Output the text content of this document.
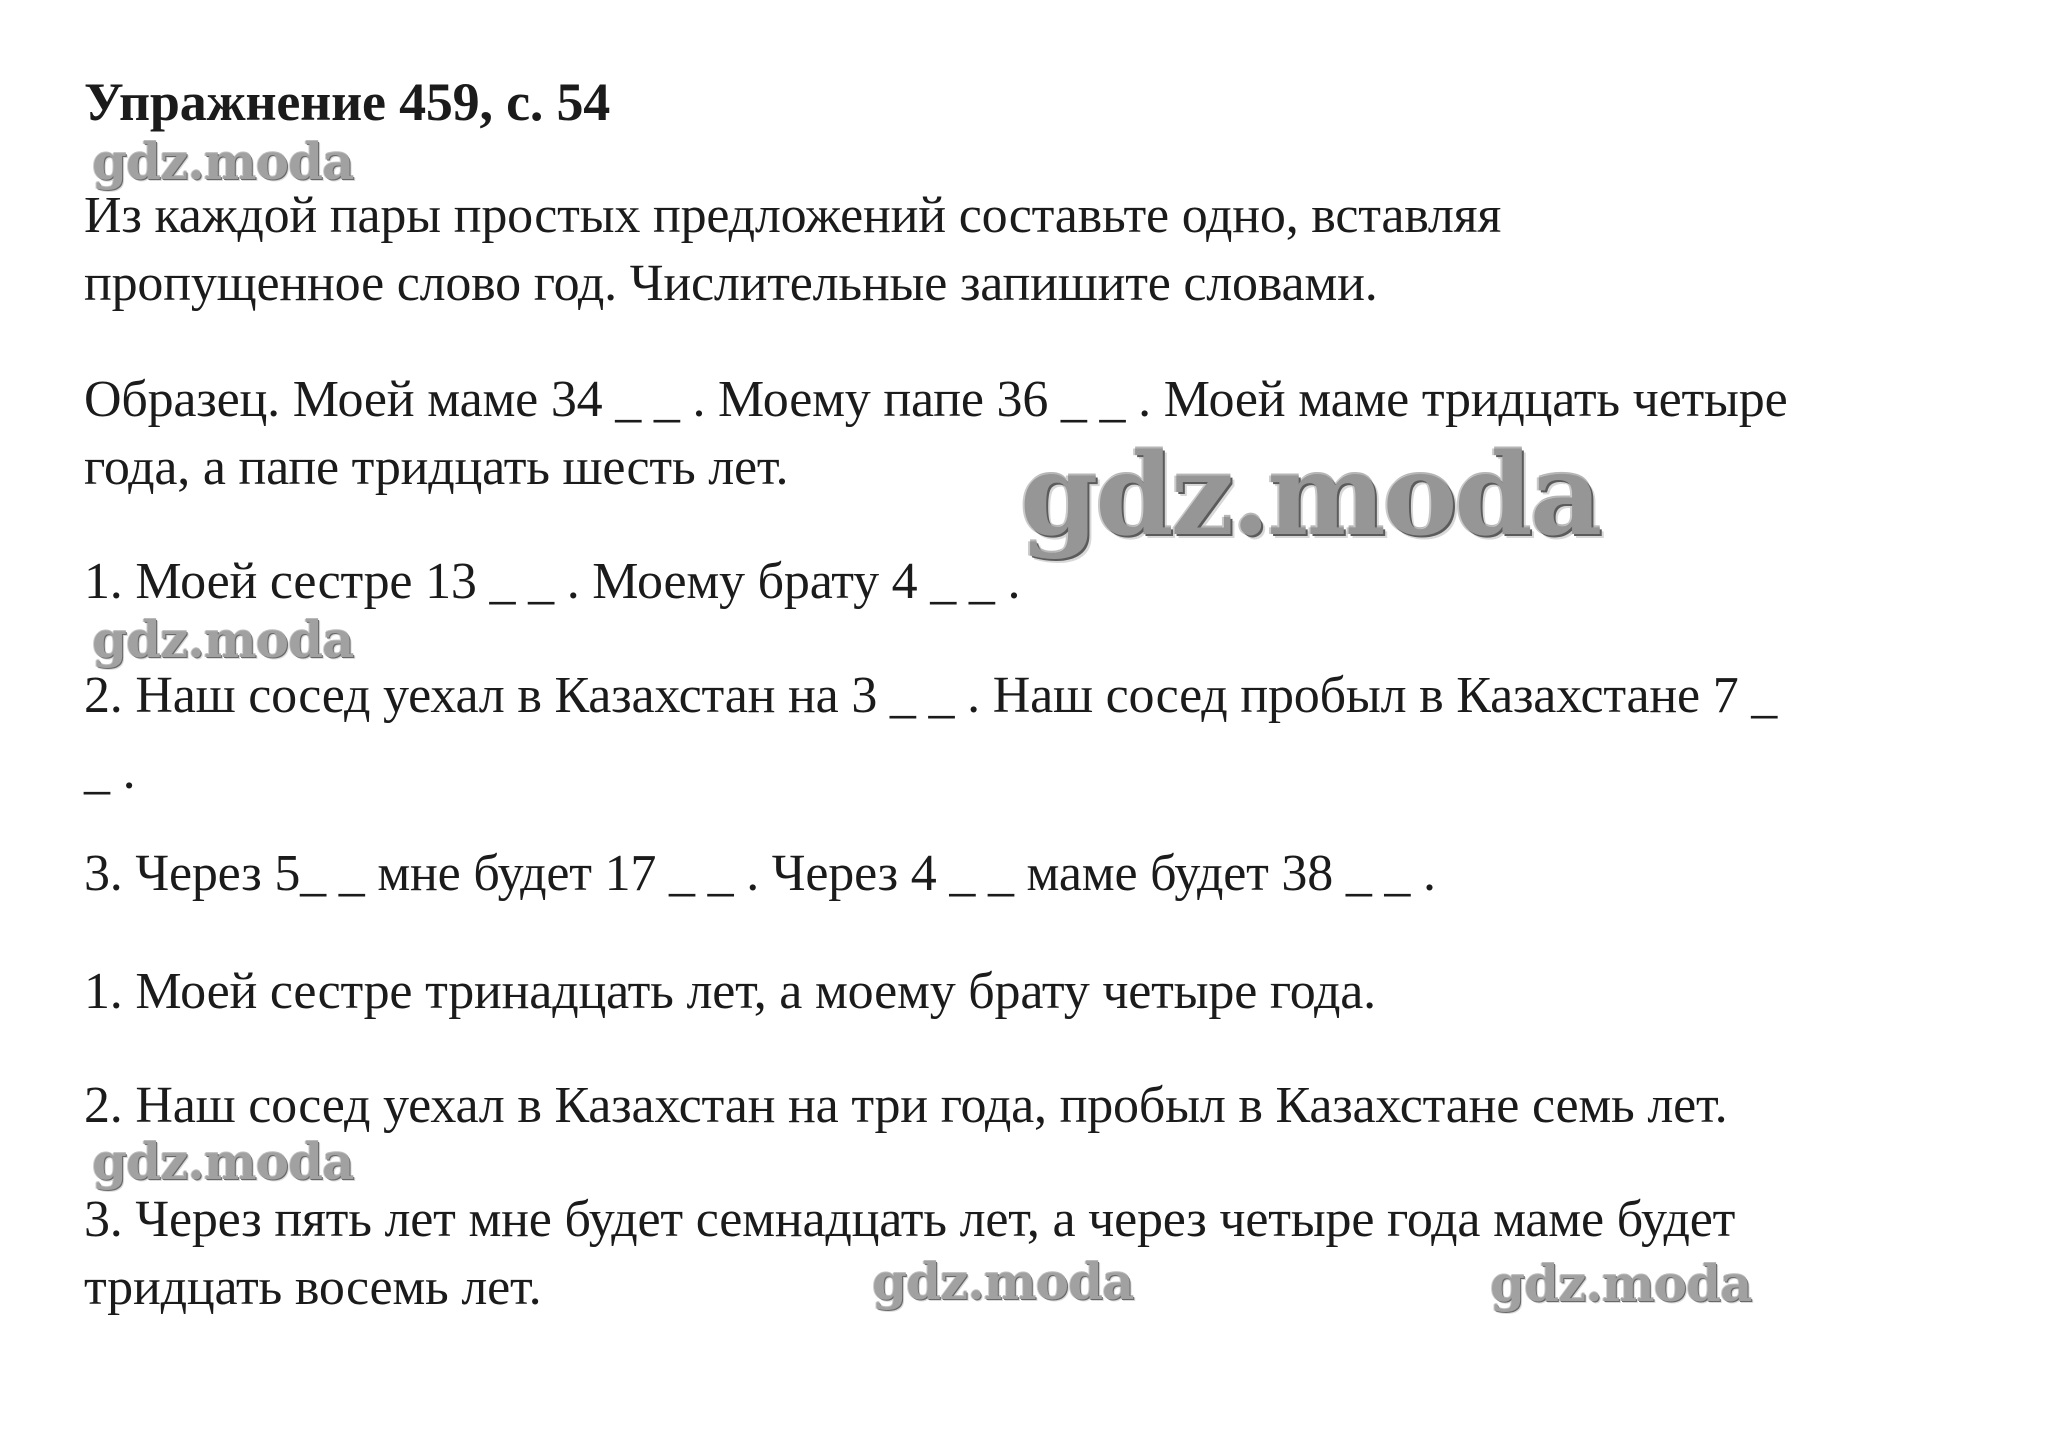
Упражнение 459, с. 54
gdz.moda
Из каждой пары простых предложений составьте одно, вставляя
пропущенное слово год. Числительные запишите словами.
Образец. Моей маме 34 _ _ . Моему папе 36 _ _ . Моей маме тридцать четыре
года, а папе тридцать шесть лет. gdz.moda
1. Моей сестре 13 _ _ . Моему брату 4 _ _ .
gdz.moda
2. Наш сосед уехал в Казахстан на 3 _ _ . Наш сосед пробыл в Казахстане 7 _
_ .
3. Через 5_ _ мне будет 17 _ _ . Через 4 _ _ маме будет 38 _ _ .
1. Моей сестре тринадцать лет, а моему брату четыре года.
2. Наш сосед уехал в Казахстан на три года, пробыл в Казахстане семь лет.
gdz.moda
3. Через пять лет мне будет семнадцать лет, а через четыре года маме будет
тридцать восемь лет.	gdz.moda	gdz.moda
